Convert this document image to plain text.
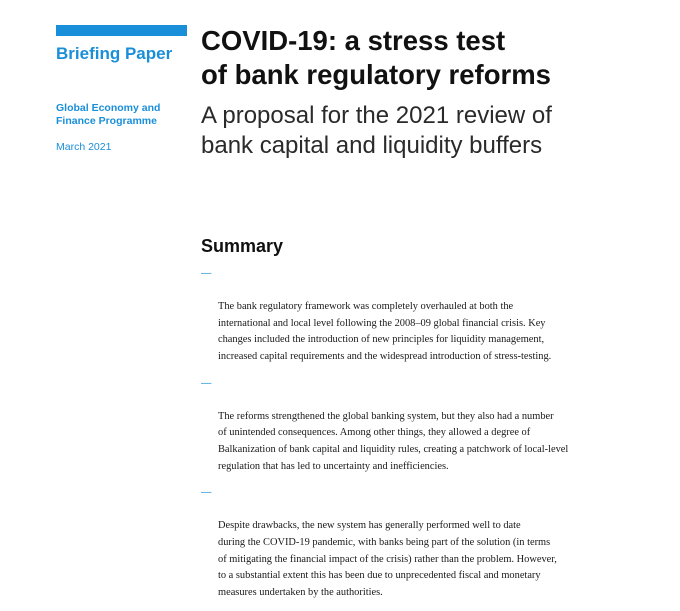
Briefing Paper
Global Economy and Finance Programme
March 2021
COVID-19: a stress test
of bank regulatory reforms
A proposal for the 2021 review of
bank capital and liquidity buffers
Summary

—

The bank regulatory framework was completely overhauled at both the
international and local level following the 2008–09 global financial crisis. Key
changes included the introduction of new principles for liquidity management,
increased capital requirements and the widespread introduction of stress-testing.

—

The reforms strengthened the global banking system, but they also had a number
of unintended consequences. Among other things, they allowed a degree of
Balkanization of bank capital and liquidity rules, creating a patchwork of local-level
regulation that has led to uncertainty and inefficiencies.

—

Despite drawbacks, the new system has generally performed well to date
during the COVID-19 pandemic, with banks being part of the solution (in terms
of mitigating the financial impact of the crisis) rather than the problem. However,
to a substantial extent this has been due to unprecedented fiscal and monetary
measures undertaken by the authorities.
